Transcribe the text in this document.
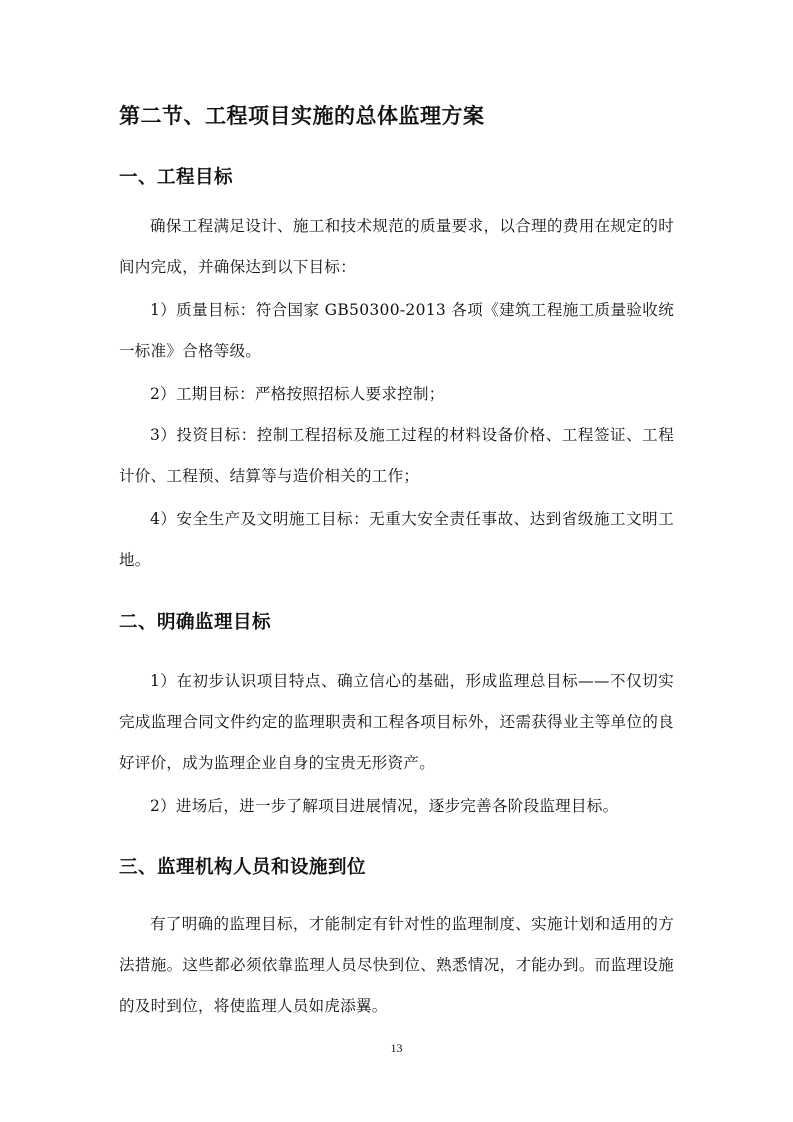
第二节、工程项目实施的总体监理方案
一、工程目标

确保工程满足设计、施工和技术规范的质量要求，以合理的费用在规定的时间内完成，并确保达到以下目标：

1）质量目标：符合国家 GB50300-2013 各项《建筑工程施工质量验收统一标准》合格等级。

2）工期目标：严格按照招标人要求控制；

3）投资目标：控制工程招标及施工过程的材料设备价格、工程签证、工程计价、工程预、结算等与造价相关的工作；

4）安全生产及文明施工目标：无重大安全责任事故、达到省级施工文明工地。

二、明确监理目标

1）在初步认识项目特点、确立信心的基础，形成监理总目标——不仅切实完成监理合同文件约定的监理职责和工程各项目标外，还需获得业主等单位的良好评价，成为监理企业自身的宝贵无形资产。

2）进场后，进一步了解项目进展情况，逐步完善各阶段监理目标。

三、监理机构人员和设施到位

有了明确的监理目标，才能制定有针对性的监理制度、实施计划和适用的方法措施。这些都必须依靠监理人员尽快到位、熟悉情况，才能办到。而监理设施的及时到位，将使监理人员如虎添翼。

13
